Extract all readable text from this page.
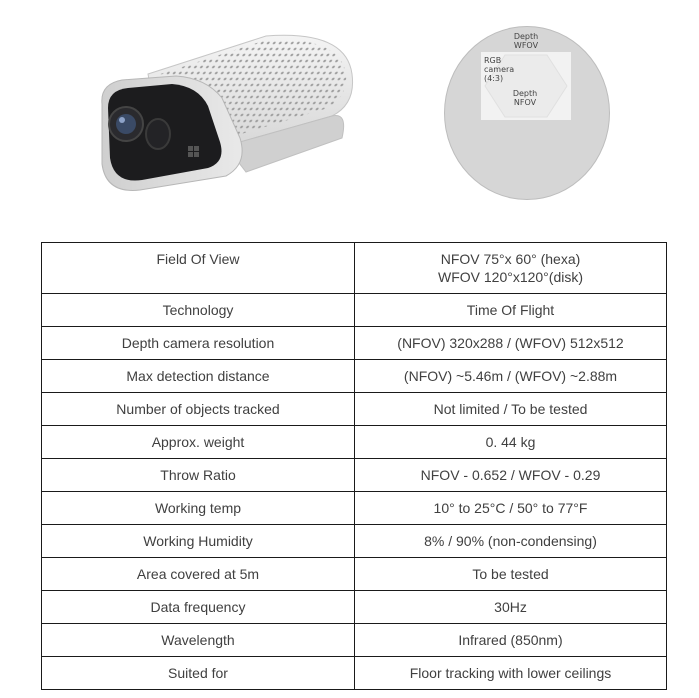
Depth
WFOV
RGB
camera
(4:3)
Depth
NFOV
Field Of View	NFOV 75°x 60° (hexa)
WFOV 120°x120°(disk)

Technology	Time Of Flight
Depth camera resolution	(NFOV) 320x288 / (WFOV) 512x512
Max detection distance	(NFOV) ~5.46m / (WFOV) ~2.88m
Number of objects tracked	Not limited / To be tested
Approx. weight	0. 44 kg
Throw Ratio	NFOV - 0.652 / WFOV - 0.29
Working temp	10° to 25°C / 50° to 77°F
Working Humidity	8% / 90% (non-condensing)
Area covered at 5m	To be tested
Data frequency	30Hz
Wavelength	Infrared (850nm)
Suited for	Floor tracking with lower ceilings
